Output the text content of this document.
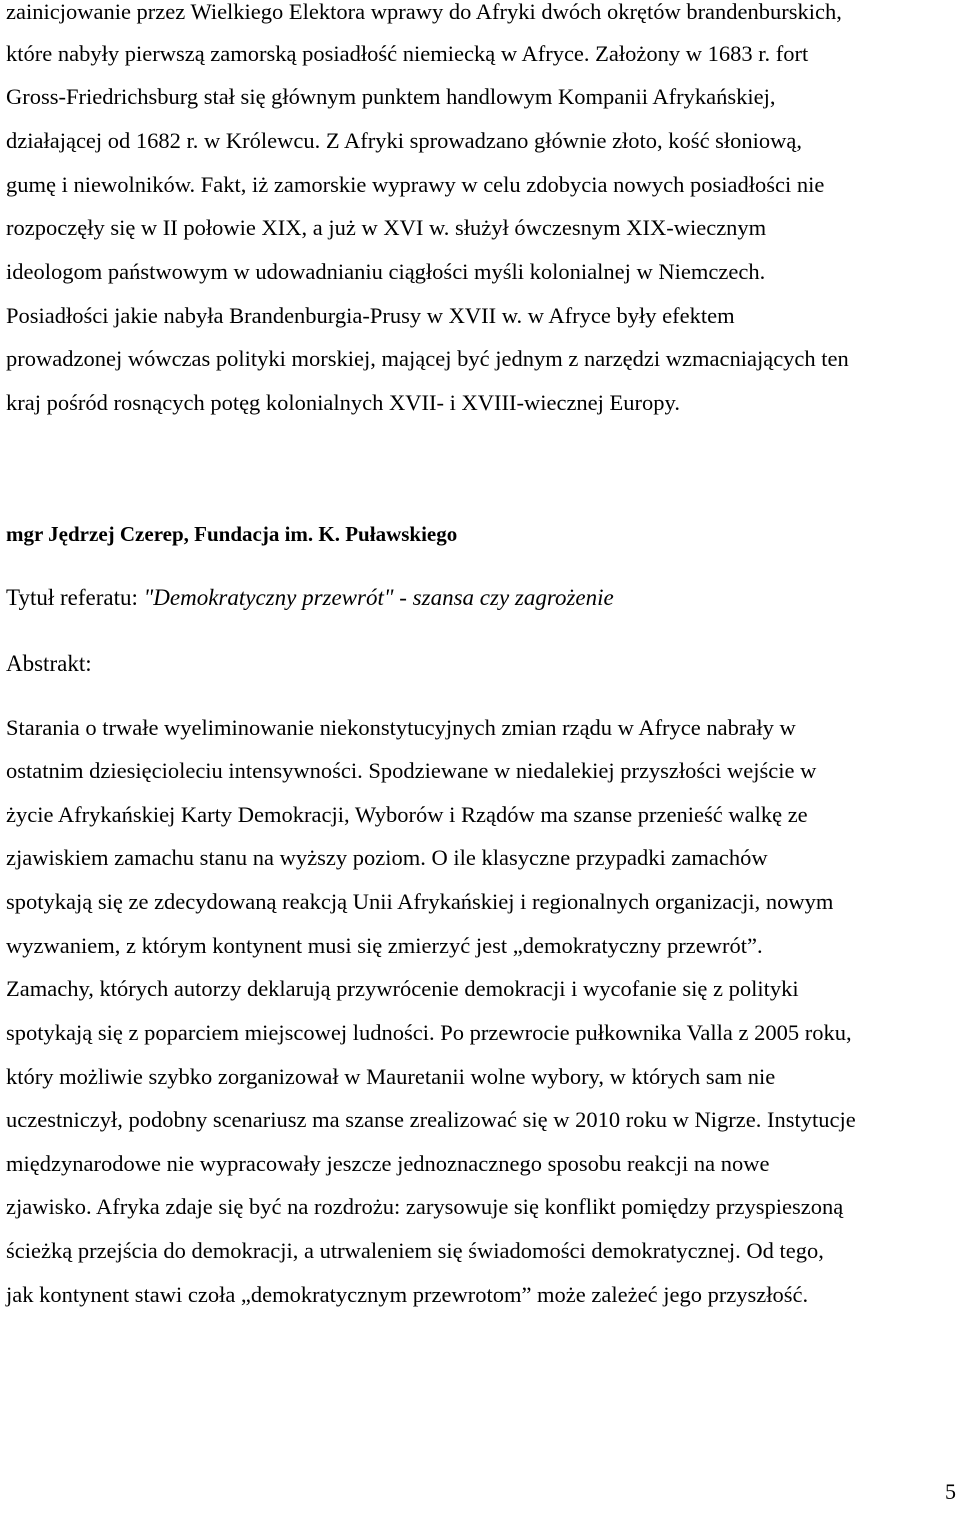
zainicjowanie przez Wielkiego Elektora wprawy do Afryki dwóch okrętów brandenburskich,

które nabyły pierwszą zamorską posiadłość niemiecką w Afryce. Założony w 1683 r. fort

Gross-Friedrichsburg stał się głównym punktem handlowym Kompanii Afrykańskiej,

działającej od 1682 r. w Królewcu. Z Afryki sprowadzano głównie złoto, kość słoniową,

gumę i niewolników. Fakt, iż zamorskie wyprawy w celu zdobycia nowych posiadłości nie

rozpoczęły się w II połowie XIX, a już w XVI w. służył ówczesnym XIX-wiecznym

ideologom państwowym w udowadnianiu ciągłości myśli kolonialnej w Niemczech.

Posiadłości jakie nabyła Brandenburgia-Prusy w XVII w. w Afryce były efektem

prowadzonej wówczas polityki morskiej, mającej być jednym z narzędzi wzmacniających ten

kraj pośród rosnących potęg kolonialnych XVII- i XVIII-wiecznej Europy.

mgr Jędrzej Czerep, Fundacja im. K. Puławskiego

Tytuł referatu: "Demokratyczny przewrót" - szansa czy zagrożenie

Abstrakt:

Starania o trwałe wyeliminowanie niekonstytucyjnych zmian rządu w Afryce nabrały w

ostatnim dziesięcioleciu intensywności. Spodziewane w niedalekiej przyszłości wejście w

życie Afrykańskiej Karty Demokracji, Wyborów i Rządów ma szanse przenieść walkę ze

zjawiskiem zamachu stanu na wyższy poziom. O ile klasyczne przypadki zamachów

spotykają się ze zdecydowaną reakcją Unii Afrykańskiej i regionalnych organizacji, nowym

wyzwaniem, z którym kontynent musi się zmierzyć jest „demokratyczny przewrót”.

Zamachy, których autorzy deklarują przywrócenie demokracji i wycofanie się z polityki

spotykają się z poparciem miejscowej ludności. Po przewrocie pułkownika Valla z 2005 roku,

który możliwie szybko zorganizował w Mauretanii wolne wybory, w których sam nie

uczestniczył, podobny scenariusz ma szanse zrealizować się w 2010 roku w Nigrze. Instytucje

międzynarodowe nie wypracowały jeszcze jednoznacznego sposobu reakcji na nowe

zjawisko. Afryka zdaje się być na rozdrożu: zarysowuje się konflikt pomiędzy przyspieszoną

ścieżką przejścia do demokracji, a utrwaleniem się świadomości demokratycznej. Od tego,

jak kontynent stawi czoła „demokratycznym przewrotom” może zależeć jego przyszłość.

5
